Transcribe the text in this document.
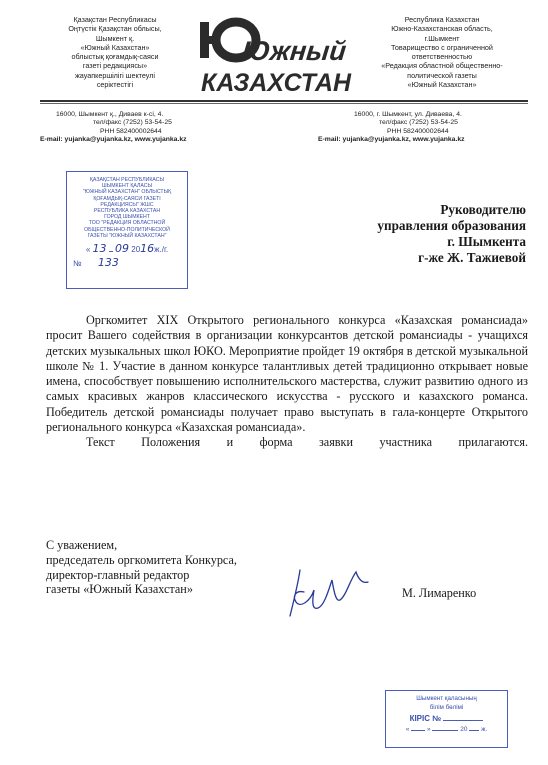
Қазақстан Республикасы
Оңтүстік Қазақстан облысы,
Шымкент қ.
«Южный Казахстан»
облыстық қоғамдық-саяси
газеті редакциясы»
жауапкершілігі шектеулі
серіктестігі
Южный
КАЗАХСТАН
Республика Казахстан
Южно-Казахстанская область,
г.Шымкент
Товарищество с ограниченной
ответственностью
«Редакция областной общественно-
политической газеты
«Южный Казахстан»
16000, Шымкент қ., Диваев к-сі, 4.
тел/факс (7252) 53-54-25
РНН 582400002644
E-mail: yujanka@yujanka.kz, www.yujanka.kz
16000, г. Шымкент, ул. Диваева, 4.
тел/факс (7252) 53-54-25
РНН 582400002644
E-mail: yujanka@yujanka.kz, www.yujanka.kz
ҚАЗАҚСТАН РЕСПУБЛИКАСЫ
ШЫМКЕНТ ҚАЛАСЫ
"ЮЖНЫЙ КАЗАХСТАН" ОБЛЫСТЫҚ
ҚОҒАМДЫҚ-САЯСИ ГАЗЕТІ
РЕДАКЦИЯСЫ" ЖШС
РЕСПУБЛИКА КАЗАХСТАН
ГОРОД ШЫМКЕНТ
ТОО "РЕДАКЦИЯ ОБЛАСТНОЙ
ОБЩЕСТВЕННО-ПОЛИТИЧЕСКОЙ
ГАЗЕТЫ "ЮЖНЫЙ КАЗАХСТАН"
« 13 09 2016ж./г.
№ 133
Руководителю
управления образования
г. Шымкента
г-же Ж. Тажиевой

Оргкомитет XIX Открытого регионального конкурса «Казахская романсиада» просит Вашего содействия в организации конкурсантов детской романсиады - учащихся детских музыкальных школ ЮКО. Мероприятие пройдет 19 октября в детской музыкальной школе № 1. Участие в данном конкурсе талантливых детей традиционно открывает новые имена, способствует повышению исполнительского мастерства, служит развитию одного из самых красивых жанров классического искусства - русского и казахского романса. Победитель детской романсиады получает право выступать в гала-концерте Открытого регионального конкурса «Казахская романсиада».

Текст Положения и форма заявки участника прилагаются.

С уважением,
председатель оргкомитета Конкурса,
директор-главный редактор
газеты «Южный Казахстан»	М. Лимаренко
Шымкент қаласының
білім бөлімі
КІРІС №
«	»	20 ж.
